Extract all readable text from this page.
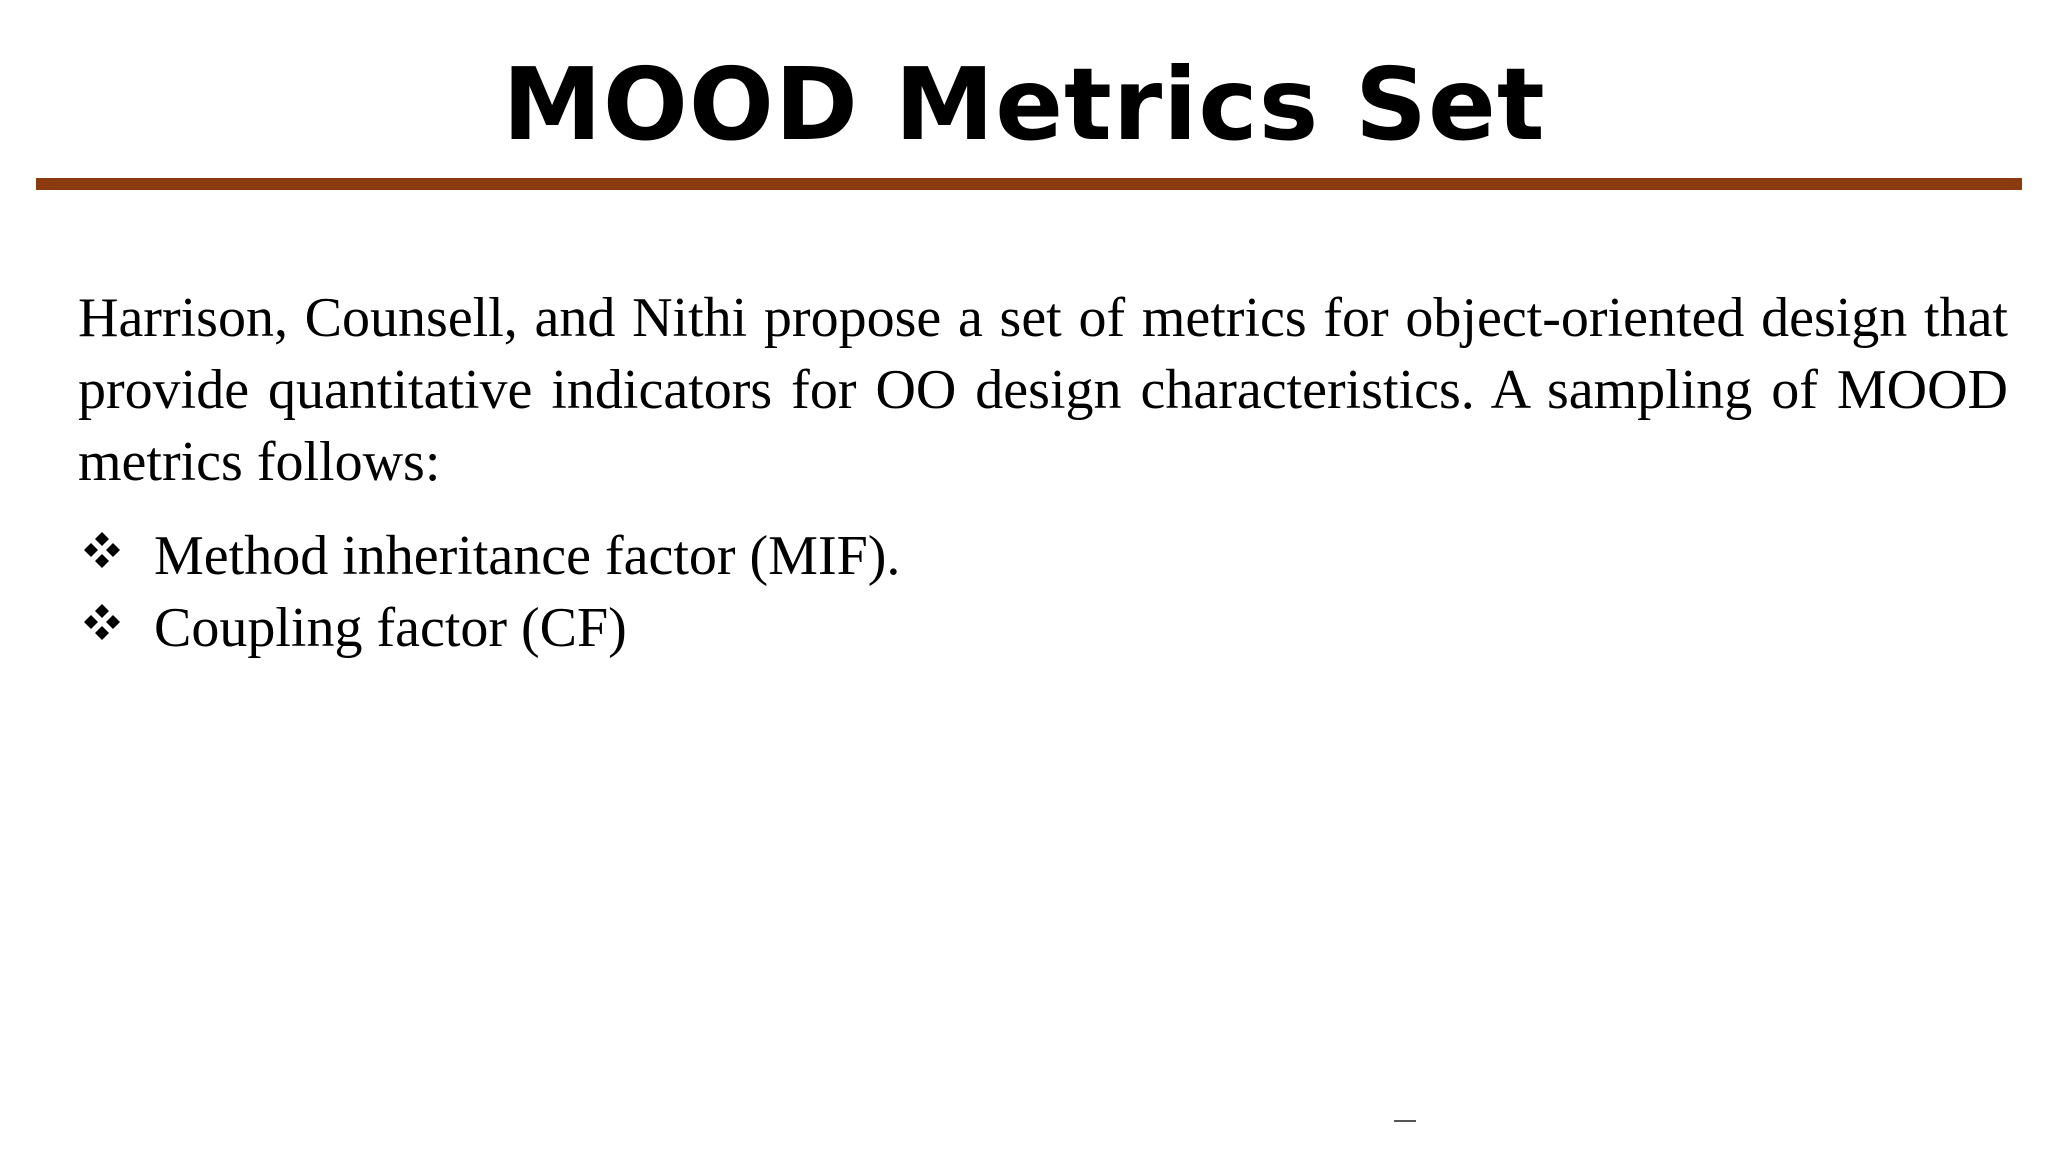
MOOD Metrics Set

Harrison, Counsell, and Nithi propose a set of metrics for object-oriented design that provide quantitative indicators for OO design characteristics. A sampling of MOOD metrics follows:

Method inheritance factor (MIF).
Coupling factor (CF)
